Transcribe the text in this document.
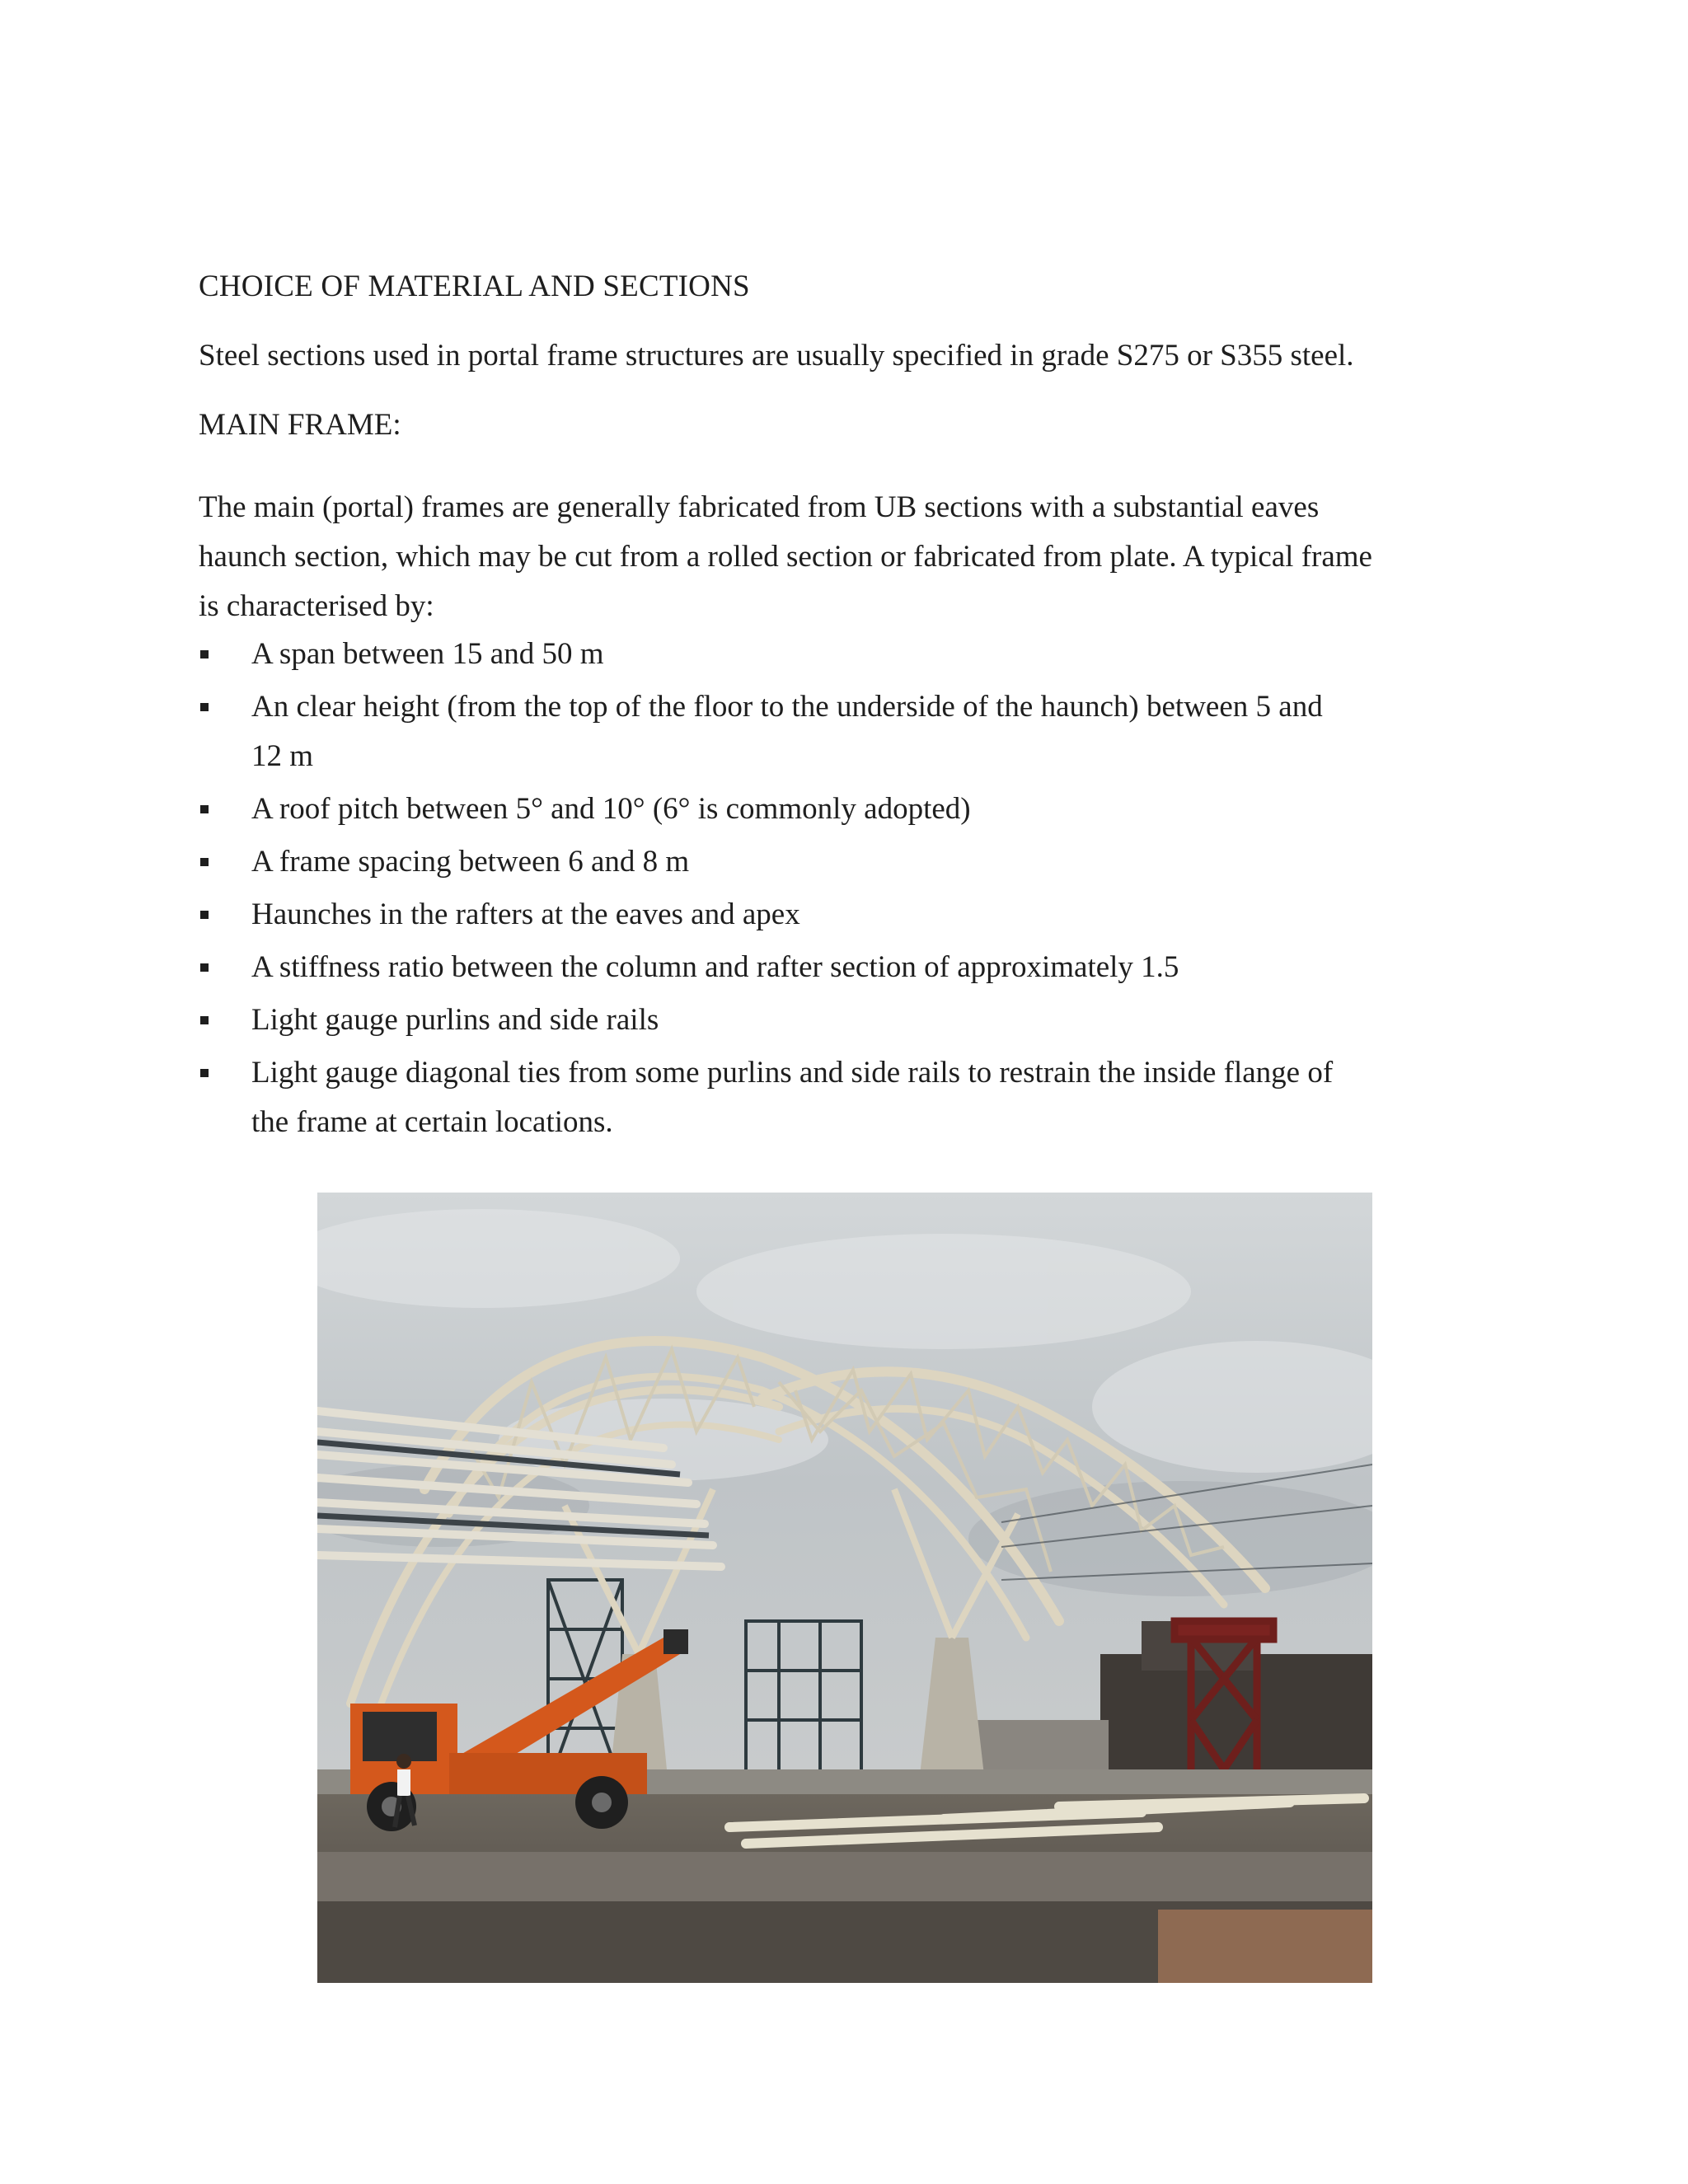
CHOICE OF MATERIAL AND SECTIONS
Steel sections used in portal frame structures are usually specified in grade S275 or S355 steel.
MAIN FRAME:
The main (portal) frames are generally fabricated from UB sections with a substantial eaves
haunch section, which may be cut from a rolled section or fabricated from plate. A typical frame
is characterised by:
A span between 15 and 50 m
An clear height (from the top of the floor to the underside of the haunch) between 5 and
12 m
A roof pitch between 5° and 10° (6° is commonly adopted)
A frame spacing between 6 and 8 m
Haunches in the rafters at the eaves and apex
A stiffness ratio between the column and rafter section of approximately 1.5
Light gauge purlins and side rails
Light gauge diagonal ties from some purlins and side rails to restrain the inside flange of
the frame at certain locations.
